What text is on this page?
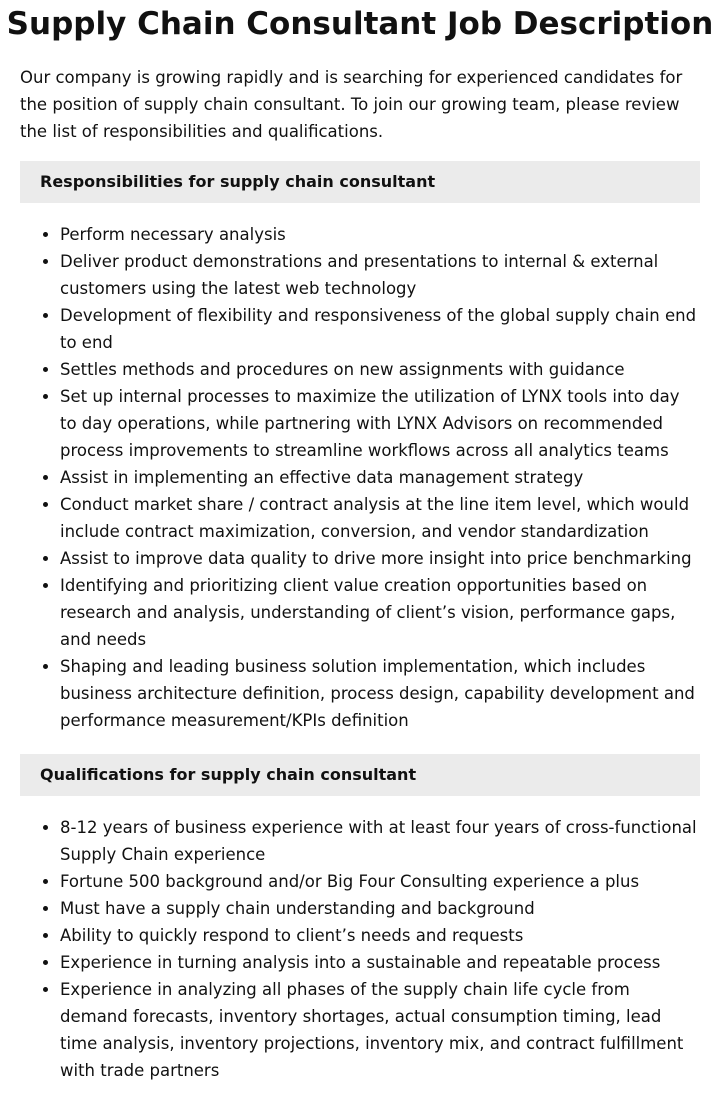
Supply Chain Consultant Job Description

Our company is growing rapidly and is searching for experienced candidates for the position of supply chain consultant. To join our growing team, please review the list of responsibilities and qualifications.

Responsibilities for supply chain consultant
• Perform necessary analysis
• Deliver product demonstrations and presentations to internal & external customers using the latest web technology
• Development of flexibility and responsiveness of the global supply chain end to end
• Settles methods and procedures on new assignments with guidance
• Set up internal processes to maximize the utilization of LYNX tools into day to day operations, while partnering with LYNX Advisors on recommended process improvements to streamline workflows across all analytics teams
• Assist in implementing an effective data management strategy
• Conduct market share / contract analysis at the line item level, which would include contract maximization, conversion, and vendor standardization
• Assist to improve data quality to drive more insight into price benchmarking
• Identifying and prioritizing client value creation opportunities based on research and analysis, understanding of client’s vision, performance gaps, and needs
• Shaping and leading business solution implementation, which includes business architecture definition, process design, capability development and performance measurement/KPIs definition
Qualifications for supply chain consultant
• 8-12 years of business experience with at least four years of cross-functional Supply Chain experience
• Fortune 500 background and/or Big Four Consulting experience a plus
• Must have a supply chain understanding and background
• Ability to quickly respond to client’s needs and requests
• Experience in turning analysis into a sustainable and repeatable process
• Experience in analyzing all phases of the supply chain life cycle from demand forecasts, inventory shortages, actual consumption timing, lead time analysis, inventory projections, inventory mix, and contract fulfillment with trade partners
